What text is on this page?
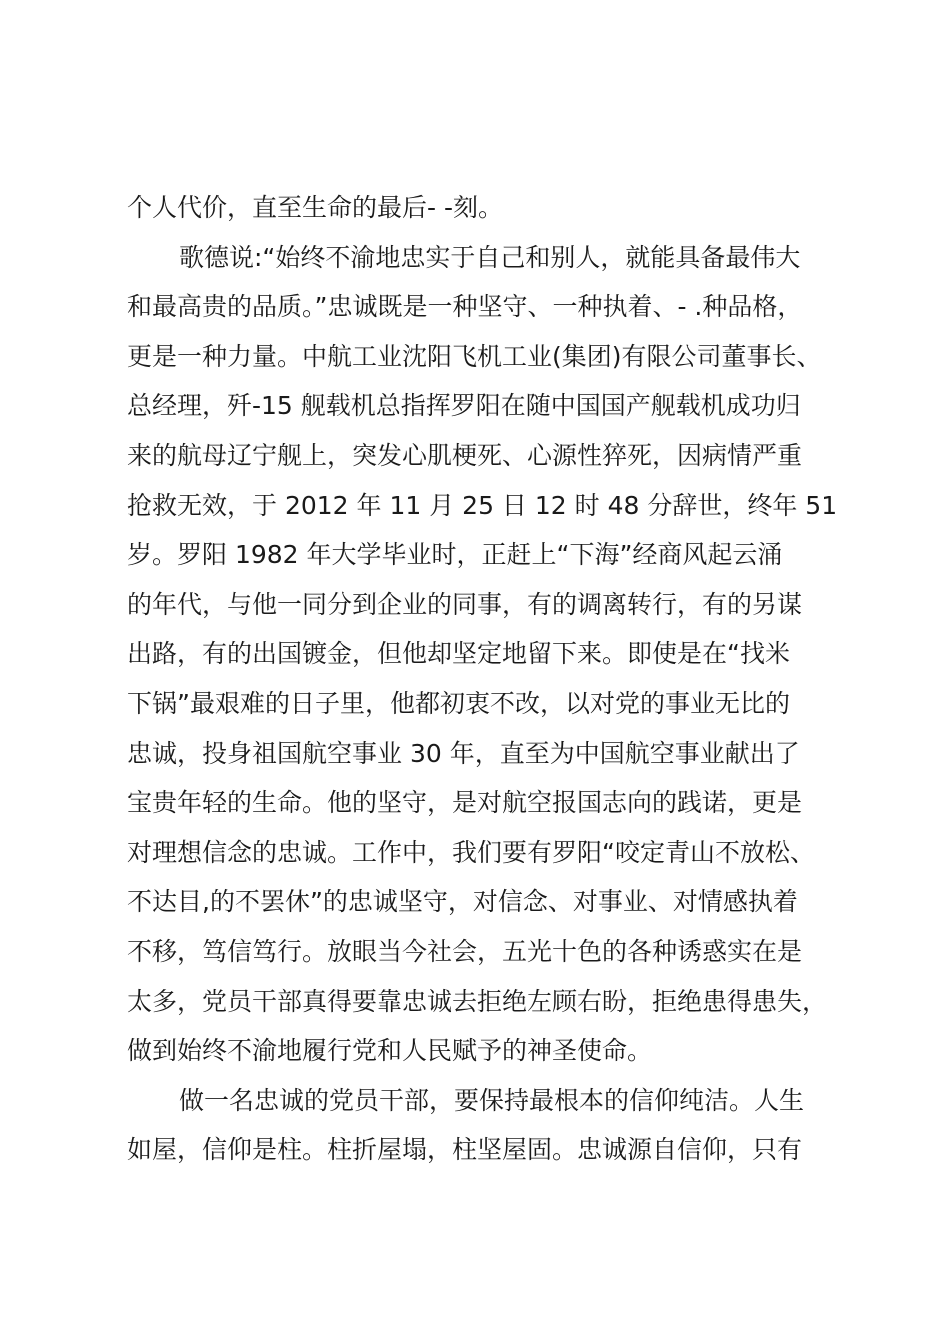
个人代价，直至生命的最后- -刻。
歌德说:“始终不渝地忠实于自己和别人，就能具备最伟大
和最高贵的品质。”忠诚既是一种坚守、一种执着、- .种品格，
更是一种力量。中航工业沈阳飞机工业(集团)有限公司董事长、
总经理，歼-15 舰载机总指挥罗阳在随中国国产舰载机成功归
来的航母辽宁舰上，突发心肌梗死、心源性猝死，因病情严重
抢救无效，于 2012 年 11 月 25 日 12 时 48 分辞世，终年 51
岁。罗阳 1982 年大学毕业时，正赶上“下海”经商风起云涌
的年代，与他一同分到企业的同事，有的调离转行，有的另谋
出路，有的出国镀金，但他却坚定地留下来。即使是在“找米
下锅”最艰难的日子里，他都初衷不改，以对党的事业无比的
忠诚，投身祖国航空事业 30 年，直至为中国航空事业献出了
宝贵年轻的生命。他的坚守，是对航空报国志向的践诺，更是
对理想信念的忠诚。工作中，我们要有罗阳“咬定青山不放松、
不达目,的不罢休”的忠诚坚守，对信念、对事业、对情感执着
不移，笃信笃行。放眼当今社会，五光十色的各种诱惑实在是
太多，党员干部真得要靠忠诚去拒绝左顾右盼，拒绝患得患失，
做到始终不渝地履行党和人民赋予的神圣使命。
做一名忠诚的党员干部，要保持最根本的信仰纯洁。人生
如屋，信仰是柱。柱折屋塌，柱坚屋固。忠诚源自信仰，只有
